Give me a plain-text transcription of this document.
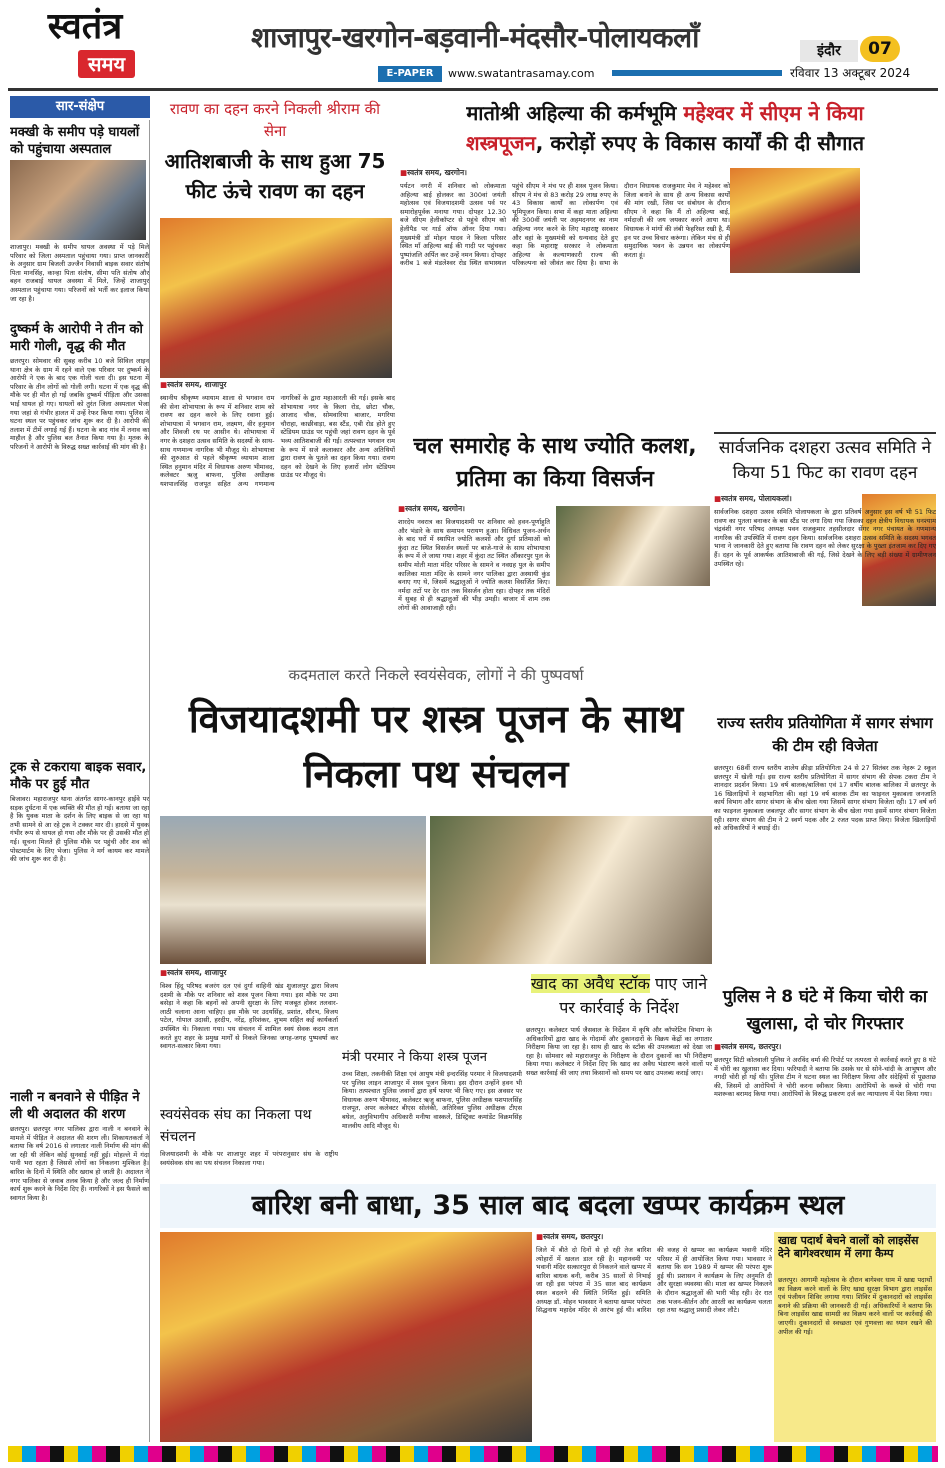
स्वतंत्र
समय
शाजापुर-खरगोन-बड़वानी-मंदसौर-पोलायकलाँ
E-PAPER	www.swatantrasamay.com
इंदौर	07
रविवार 13 अक्टूबर 2024
सार-संक्षेप
मक्खी के समीप पड़े घायलों को पहुंचाया अस्पताल
शाजापुर। मक्खी के समीप घायल अवस्था में पड़े मिले परिवार को जिला अस्पताल पहुंचाया गया। प्राप्त जानकारी के अनुसार ग्राम बिजली उज्जैन निवासी बाइक सवार संतोष पिता मानसिंह, कान्हा पिता संतोष, सीमा पति संतोष और बहन राजबाई घायल अवस्था में मिले, जिन्हें शाजापुर अस्पताल पहुंचाया गया। परिजनों को भर्ती कर इलाज किया जा रहा है।
दुष्कर्म के आरोपी ने तीन को मारी गोली, वृद्ध की मौत
छतरपुर। सोमवार की सुबह करीब 10 बजे सिविल लाइन थाना क्षेत्र के ग्राम में रहने वाले एक परिवार पर दुष्कर्म के आरोपी ने एक के बाद एक गोली चला दी। इस घटना में परिवार के तीन लोगों को गोली लगी। घटना में एक वृद्ध की मौके पर ही मौत हो गई जबकि दुष्कर्म पीड़िता और उसका भाई घायल हो गए। घायलों को तुरंत जिला अस्पताल भेजा गया जहां से गंभीर हालत में उन्हें रेफर किया गया। पुलिस ने घटना स्थल पर पहुंचकर जांच शुरू कर दी है। आरोपी की तलाश में टीमें लगाई गई हैं। घटना के बाद गांव में तनाव का माहौल है और पुलिस बल तैनात किया गया है। मृतक के परिजनों ने आरोपी के विरुद्ध सख्त कार्रवाई की मांग की है।
ट्रक से टकराया बाइक सवार, मौके पर हुई मौत
बिजावर। महाराजपुर थाना अंतर्गत सागर-कानपुर हाईवे पर सड़क दुर्घटना में एक व्यक्ति की मौत हो गई। बताया जा रहा है कि युवक माता के दर्शन के लिए बाइक से जा रहा था तभी सामने से आ रहे ट्रक ने टक्कर मार दी। हादसे में युवक गंभीर रूप से घायल हो गया और मौके पर ही उसकी मौत हो गई। सूचना मिलते ही पुलिस मौके पर पहुंची और शव को पोस्टमार्टम के लिए भेजा। पुलिस ने मर्ग कायम कर मामले की जांच शुरू कर दी है।
नाली न बनवाने से पीड़ित ने ली थी अदालत की शरण
छतरपुर। छतरपुर नगर पालिका द्वारा नाली न बनवाने के मामले में पीड़ित ने अदालत की शरण ली। शिकायतकर्ता ने बताया कि वर्ष 2016 से लगातार नाली निर्माण की मांग की जा रही थी लेकिन कोई सुनवाई नहीं हुई। मोहल्ले में गंदा पानी भरा रहता है जिससे लोगों का निकलना मुश्किल है। बारिश के दिनों में स्थिति और खराब हो जाती है। अदालत ने नगर पालिका से जवाब तलब किया है और जल्द ही निर्माण कार्य शुरू करने के निर्देश दिए हैं। नागरिकों ने इस फैसले का स्वागत किया है।
रावण का दहन करने निकली श्रीराम की सेना
आतिशबाजी के साथ हुआ 75 फीट ऊंचे रावण का दहन
■ स्वतंत्र समय, शाजापुर
स्थानीय श्रीकृष्ण व्यायाम शाला से भगवान राम की सेना शोभायात्रा के रूप में शनिवार शाम को रावण का दहन करने के लिए रवाना हुई। शोभायात्रा में भगवान राम, लक्ष्मण, वीर हनुमान और शिवजी रथ पर आसीन थे। शोभायात्रा में नगर के दशहरा उत्सव समिति के सदस्यों के साथ-साथ गणमान्य नागरिक भी मौजूद थे। शोभायात्रा की शुरुआत से पहले श्रीकृष्ण व्यायाम शाला स्थित हनुमान मंदिर में विधायक अरुण भीमावद, कलेक्टर ऋजु बाफना, पुलिस अधीक्षक यशपालसिंह राजपूत सहित अन्य गणमान्य नागरिकों के द्वारा महाआरती की गई। इसके बाद शोभायात्रा नगर के किला रोड, छोटा चौक, आजाद चौक, सोमवारिया बाजार, मगरिया चौराहा, काछीवाड़ा, बस स्टैंड, एबी रोड होते हुए स्टेडियम ग्राउंड पर पहुंची जहां रावण दहन के पूर्व भव्य आतिशबाजी की गई। तत्पश्चात भगवान राम के रूप में सजे कलाकार और अन्य अतिथियों द्वारा रावण के पुतले का दहन किया गया। रावण दहन को देखने के लिए हजारों लोग स्टेडियम ग्राउंड पर मौजूद थे।
मातोश्री अहिल्या की कर्मभूमि महेश्वर में सीएम ने किया
शस्त्रपूजन, करोड़ों रुपए के विकास कार्यों की दी सौगात
■ स्वतंत्र समय, खरगोन।
पर्यटन नगरी में शनिवार को लोकमाता अहिल्या बाई होलकर का 300वां जयंती महोत्सव एवं विजयादशमी उत्सव पर्व पर समारोहपूर्वक मनाया गया। दोपहर 12.30 बजे सीएम हेलीकॉप्टर से पहुंचे सीएम को हेलीपैड पर गार्ड ऑफ ऑनर दिया गया। मुख्यमंत्री डॉ मोहन यादव ने किला परिसर स्थित माँ अहिल्या बाई की गादी पर पहुंचकर पुष्पांजलि अर्पित कर उन्हें नमन किया। दोपहर करीब 1 बजे मंडलेश्वर रोड स्थित सभास्थल पहुंचे सीएम ने मंच पर ही शस्त्र पूजन किया। सीएम ने मंच से 83 करोड़ 29 लाख रुपए के 43 विकास कार्यों का लोकार्पण एवं भूमिपूजन किया। सभा में कहा माता अहिल्या की 300वीं जयंती पर अहमदनगर का नाम अहिल्या नगर करने के लिए महाराष्ट्र सरकार और वहां के मुख्यमंत्री को धन्यवाद देते हुए कहा कि महाराष्ट्र सरकार ने लोकमाता अहिल्या के कल्याणकारी राज्य की परिकल्पना को जीवंत कर दिया है। सभा के दौरान विधायक राजकुमार मेव ने महेश्वर को जिला बनाने के साथ ही अन्य विकास कार्यों की मांग रखी, जिस पर संबोधन के दौरान सीएम ने कहा कि मैं तो अहिल्या बाई, नर्मदाजी की जय जयकार करने आया था। विधायक ने मांगों की लंबी फेहरिस्त रखी है, मैं इन पर उच्च विचार करूंगा। लेकिन मंच से ही समुदायिक भवन के उन्नयन का लोकार्पण करता हूं।
चल समारोह के साथ ज्योति कलश, प्रतिमा का किया विसर्जन
■ स्वतंत्र समय, खरगोन।
शारदेय नवरात्र का विजयादशमी पर शनिवार को हवन-पूर्णाहुति और भंडारे के साथ समापन परायण हुआ। विधिवत पूजन-अर्चन के बाद घरों में स्थापित ज्योति कलशों और दुर्गा प्रतिमाओं को कुंदा तट स्थित विसर्जन स्थलों पर बाजे-गाजे के साथ शोभायात्रा के रूप में ले जाया गया। शहर में कुंदा तट स्थित औंकारपुर पुल के समीप मोती माता मंदिर परिसर के सामने व नवग्रह पुल के समीप कालिका माता मंदिर के सामने नगर पालिका द्वारा अस्थायी कुंड बनाए गए थे, जिसमें श्रद्धालुओं ने ज्योति कलश विसर्जित किए। नर्मदा तटों पर देर रात तक विसर्जन होता रहा। दोपहर तक मंदिरों में सुबह से ही श्रद्धालुओं की भीड़ उमड़ी। बाजार में शाम तक लोगों की आवाजाही रही।
सार्वजनिक दशहरा उत्सव समिति ने किया 51 फिट का रावण दहन
■ स्वतंत्र समय, पोलायकलां।
सार्वजनिक दशहरा उत्सव समिति पोलायकला के द्वारा प्रतिवर्ष अनुसार इस वर्ष भी 51 फिट रावण का पुतला बनाकर के बस स्टैंड पर लगा दिया गया जिसका दहन क्षेत्रीय विधायक घनश्याम चंद्रवंशी नगर परिषद अध्यक्ष पवन राजकुमार तहसीलदार सेंगर नगर पंचायत के गणमान्य नागरिक की उपस्थिति में रावण दहन किया। सार्वजनिक दशहरा उत्सव समिति के सदस्य भगवत भाना ने जानकारी देते हुए बताया कि रावण दहन को लेकर सुरक्षा के पुख्ता इंतजाम कर दिए गए हैं। दहन के पूर्व आकर्षक आतिशबाजी की गई, जिसे देखने के लिए बड़ी संख्या में ग्रामीणजन उपस्थित रहे।
राज्य स्तरीय प्रतियोगिता में सागर संभाग की टीम रही विजेता
छतरपुर। 68वीं राज्य स्तरीय शालेय क्रीड़ा प्रतियोगिता 24 से 27 सितंबर तक नेहरू 2 स्कूल छतरपुर में खेली गई। इस राज्य स्तरीय प्रतियोगिता में सागर संभाग की सेपक टकरा टीम ने शानदार प्रदर्शन किया। 19 वर्ष बालक/बालिका एवं 17 वर्षीय बालक बालिका में छतरपुर के 16 खिलाड़ियों ने सहभागिता की। वहां 19 वर्ष बालक टीम का फाइनल मुकाबला जनजाति कार्य विभाग और सागर संभाग के बीच खेला गया जिसमें सागर संभाग विजेता रही। 17 वर्ष वर्ग का फाइनल मुकाबला जबलपुर और सागर संभाग के बीच खेला गया इसमें सागर संभाग विजेता रही। सागर संभाग की टीम ने 2 स्वर्ण पदक और 2 रजत पदक प्राप्त किए। विजेता खिलाड़ियों को अधिकारियों ने बधाई दी।
कदमताल करते निकले स्वयंसेवक, लोगों ने की पुष्पवर्षा
विजयादशमी पर शस्त्र पूजन के साथ निकला पथ संचलन
■ स्वतंत्र समय, शाजापुर
विश्व हिंदू परिषद बजरंग दल एवं दुर्गा वाहिनी खंड शुजालपुर द्वारा विजय दशमी के मौके पर शनिवार को शस्त्र पूजन किया गया। इस मौके पर उमा बसेड़ा ने कहा कि बहनों को अपनी सुरक्षा के लिए मजबूत होकर तलवार-लाठी चलाना आना चाहिए। इस मौके पर उदयसिंह, प्रशांत, सौरभ, विजय पटेल, गोपाल उदासी, हरदीप, नरेंद्र, हरिशंकर, शुभम सहित कई कार्यकर्ता उपस्थित थे। निकाला गया। पथ संचलन में शामिल स्वयं सेवक कदम ताल करते हुए शहर के प्रमुख मार्गों से निकले जिनका जगह-जगह पुष्पवर्षा कर स्वागत-सत्कार किया गया।
स्वयंसेवक संघ का निकला पथ संचलन
विजयादशमी के मौके पर शाजापुर शहर में परंपरानुसार संघ के राष्ट्रीय स्वयंसेवक संघ का पथ संचलन निकाला गया।
मंत्री परमार ने किया शस्त्र पूजन
उच्च शिक्षा, तकनीकी शिक्षा एवं आयुष मंत्री इन्दरसिंह परमार ने विजयादशमी पर पुलिस लाइन शाजापुर में शस्त्र पूजन किया। इस दौरान उन्होंने हवन भी किया। तत्पश्चात पुलिस जवानों द्वारा हर्ष फायर भी किए गए। इस अवसर पर विधायक अरुण भीमावद, कलेक्टर ऋजु बाफना, पुलिस अधीक्षक यशपालसिंह राजपूत, अपर कलेक्टर बीएस सोलंकी, अतिरिक्त पुलिस अधीक्षक टीएस बघेल, अनुविभागीय अधिकारी मनीषा वास्कले, डिस्ट्रिक्ट कमांडेंट विक्रमसिंह मालवीय आदि मौजूद थे।
खाद का अवैध स्टॉक पाए जाने पर कार्रवाई के निर्देश
छतरपुर। कलेक्टर पार्थ जैसवाल के निर्देशन में कृषि और कॉपरेटिव विभाग के अधिकारियों द्वारा खाद के गोदामों और दुकानदारों के विक्रय केंद्रों का लगातार निरीक्षण किया जा रहा है। साथ ही खाद के स्टॉक की उपलब्धता को देखा जा रहा है। सोमवार को महाराजपुर के निरीक्षण के दौरान दुकानों का भी निरीक्षण किया गया। कलेक्टर ने निर्देश दिए कि खाद का अवैध भंडारण करने वालों पर सख्त कार्रवाई की जाए तथा किसानों को समय पर खाद उपलब्ध कराई जाए।
पुलिस ने 8 घंटे में किया चोरी का खुलासा, दो चोर गिरफ्तार
■ स्वतंत्र समय, छतरपुर।
छतरपुर सिटी कोतवाली पुलिस ने अरविंद वर्मा की रिपोर्ट पर तत्परता से कार्रवाई करते हुए 8 घंटे में चोरी का खुलासा कर दिया। फरियादी ने बताया कि उसके घर से सोने-चांदी के आभूषण और नगदी चोरी हो गई थी। पुलिस टीम ने घटना स्थल का निरीक्षण किया और संदेहियों से पूछताछ की, जिसमें दो आरोपियों ने चोरी करना स्वीकार किया। आरोपियों के कब्जे से चोरी गया मशरूका बरामद किया गया। आरोपियों के विरुद्ध प्रकरण दर्ज कर न्यायालय में पेश किया गया।
बारिश बनी बाधा, 35 साल बाद बदला खप्पर कार्यक्रम स्थल
■ स्वतंत्र समय, छतरपुर।
जिले में बीते दो दिनों से हो रही तेज बारिश त्योहारों में खलल डाल रही है। महानवमी पर भवानी मंदिर सत्कारपुरा से निकलने वाले खप्पर में बारिश बाधक बनी, करीब 35 सालों से निभाई जा रही इस परंपरा में 35 साल बाद कार्यक्रम स्थल बदलने की स्थिति निर्मित हुई। समिति अध्यक्ष डॉ. मोहन भावसार ने बताया खप्पर परंपरा सिद्धनाथ महादेव मंदिर से आरंभ हुई थी। बारिश की वजह से खप्पर का कार्यक्रम भवानी मंदिर परिसर में ही आयोजित किया गया। भावसार ने बताया कि सन 1989 में खप्पर की परंपरा शुरू हुई थी। प्रशासन ने कार्यक्रम के लिए अनुमति दी और सुरक्षा व्यवस्था की। माता का खप्पर निकलने के दौरान श्रद्धालुओं की भारी भीड़ रही। देर रात तक भजन-कीर्तन और आरती का कार्यक्रम चलता रहा तथा श्रद्धालु प्रसादी लेकर लौटे।
खाद्य पदार्थ बेचने वालों को लाइसेंस देने बागेश्वरधाम में लगा कैम्प
छतरपुर। आगामी महोत्सव के दौरान बागेश्वर धाम में खाद्य पदार्थों का विक्रय करने वालों के लिए खाद्य सुरक्षा विभाग द्वारा लाइसेंस एवं पंजीयन शिविर लगाया गया। शिविर में दुकानदारों को लाइसेंस बनाने की प्रक्रिया की जानकारी दी गई। अधिकारियों ने बताया कि बिना लाइसेंस खाद्य सामग्री का विक्रय करने वालों पर कार्रवाई की जाएगी। दुकानदारों से स्वच्छता एवं गुणवत्ता का ध्यान रखने की अपील की गई।
